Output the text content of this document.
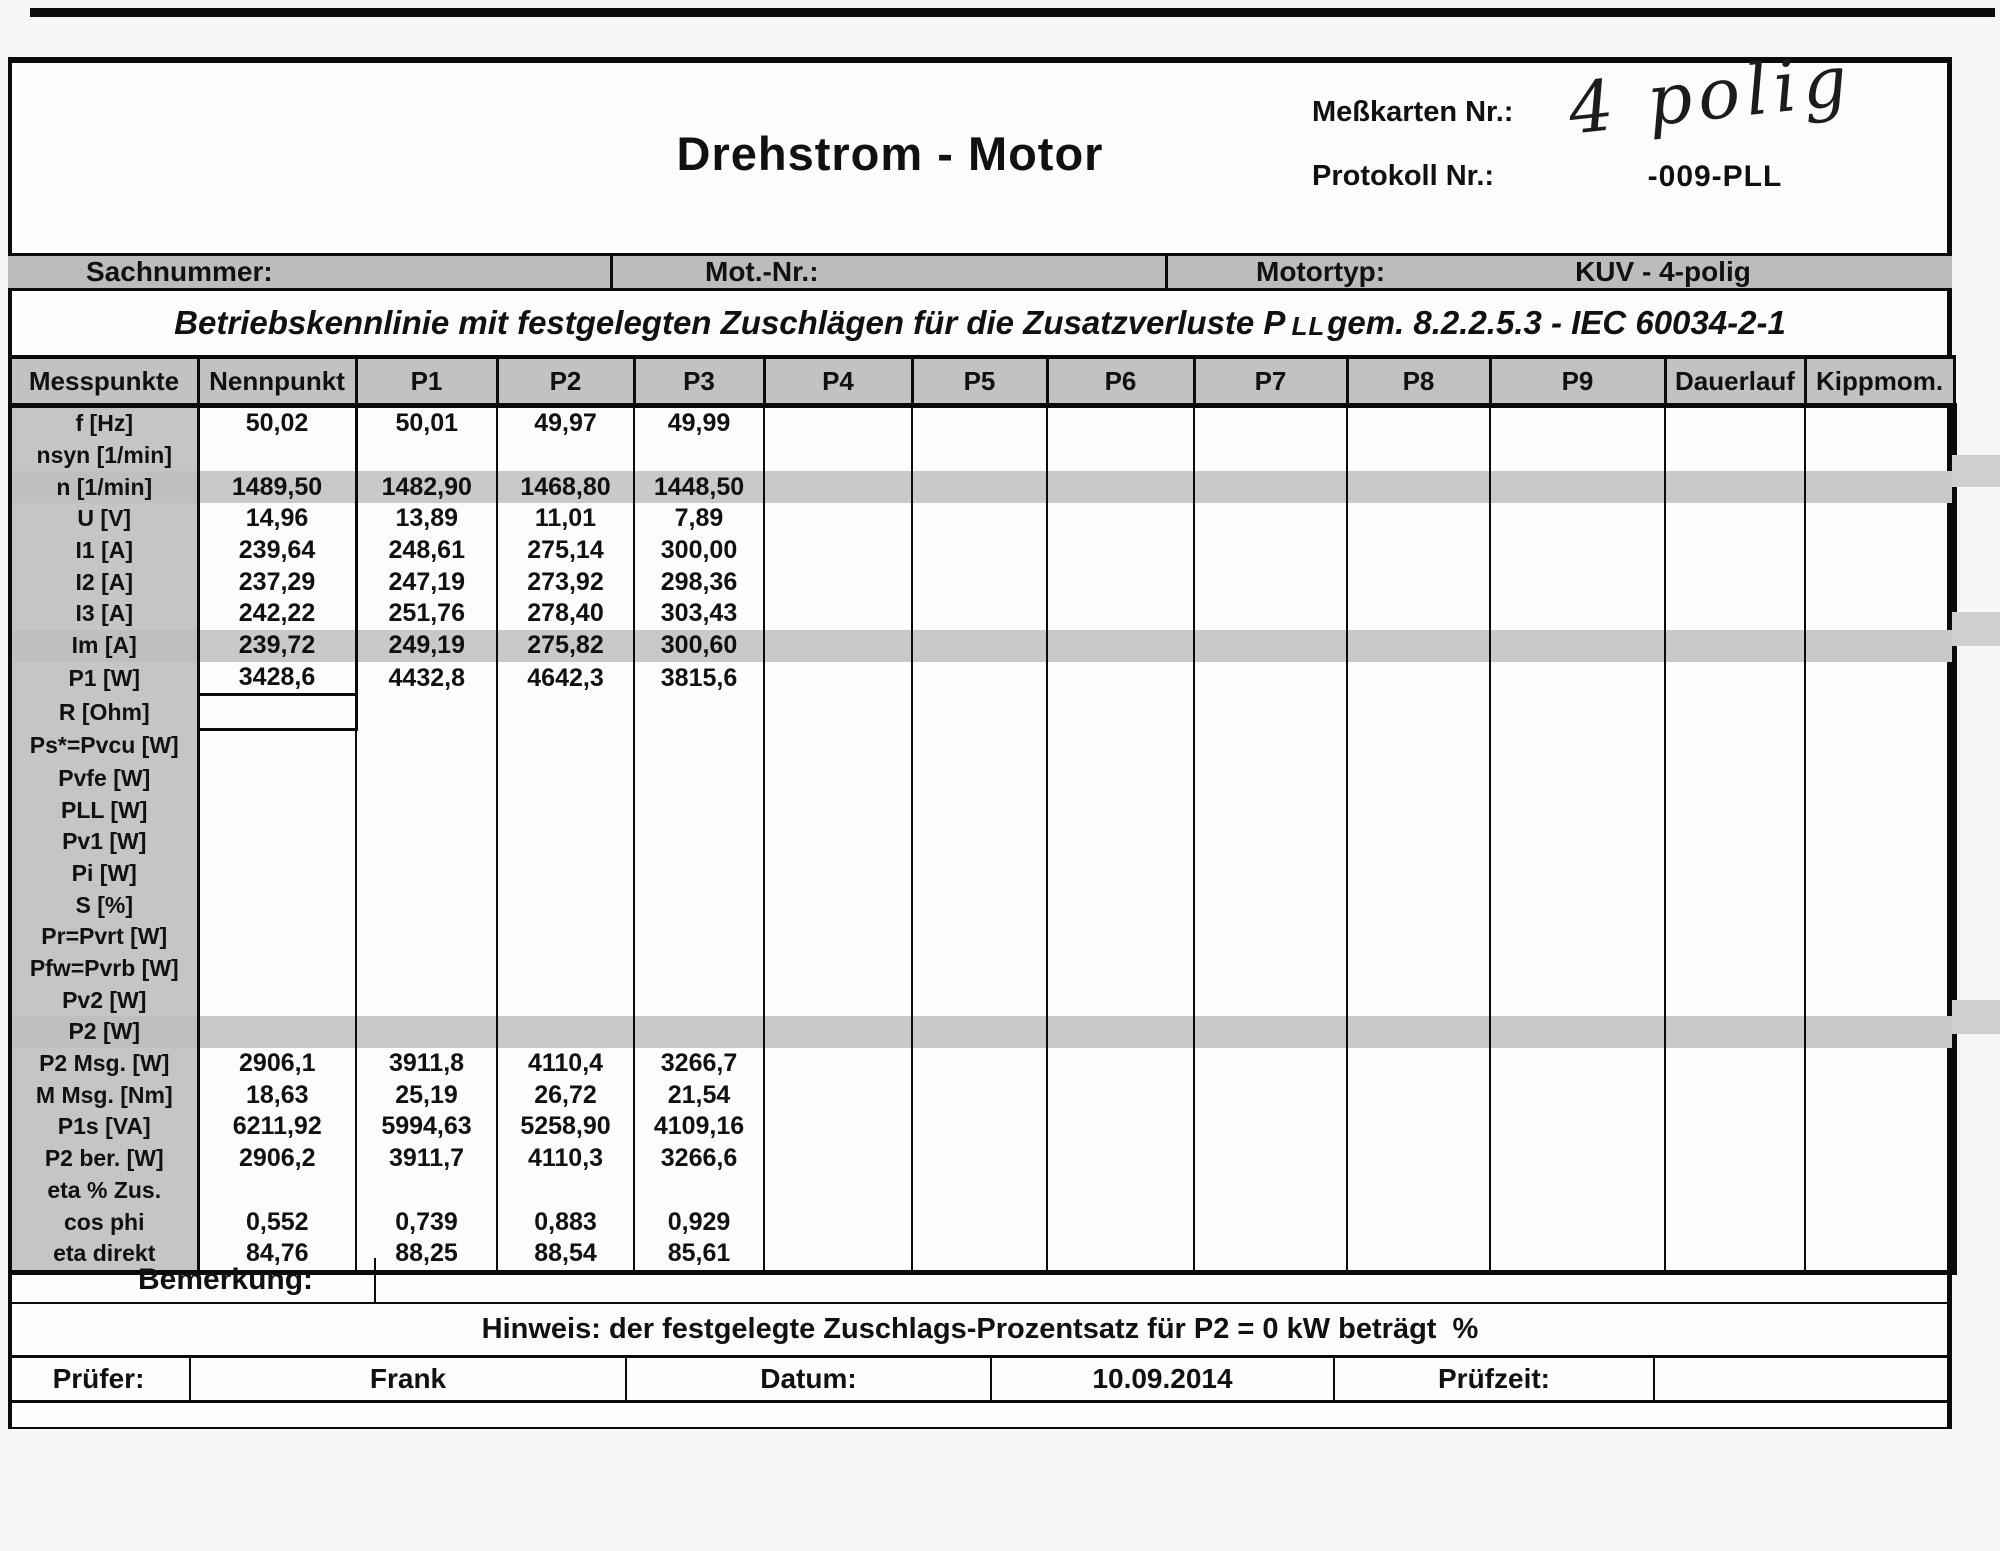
Drehstrom - Motor
Meßkarten Nr.: 4 polig
Protokoll Nr.:	-009-PLL
Sachnummer:	Mot.-Nr.:	Motortyp:	KUV - 4-polig
Betriebskennlinie mit festgelegten Zuschlägen für die Zusatzverluste P LL gem. 8.2.2.5.3 - IEC 60034-2-1
Messpunkte	Nennpunkt	P1	P2	P3	P4	P5	P6	P7	P8	P9	Dauerlauf	Kippmom.
f [Hz]	50,02	50,01	49,97	49,99								
nsyn [1/min]												
n [1/min]	1489,50	1482,90	1468,80	1448,50								
U [V]	14,96	13,89	11,01	7,89								
I1 [A]	239,64	248,61	275,14	300,00								
I2 [A]	237,29	247,19	273,92	298,36								
I3 [A]	242,22	251,76	278,40	303,43								
Im [A]	239,72	249,19	275,82	300,60								
P1 [W]	3428,6	4432,8	4642,3	3815,6								
R [Ohm]												
Ps*=Pvcu [W]												
Pvfe [W]												
PLL [W]												
Pv1 [W]												
Pi [W]												
S [%]												
Pr=Pvrt [W]												
Pfw=Pvrb [W]												
Pv2 [W]												
P2 [W]												
P2 Msg. [W]	2906,1	3911,8	4110,4	3266,7								
M Msg. [Nm]	18,63	25,19	26,72	21,54								
P1s [VA]	6211,92	5994,63	5258,90	4109,16								
P2 ber. [W]	2906,2	3911,7	4110,3	3266,6								
eta % Zus.												
cos phi	0,552	0,739	0,883	0,929								
eta direkt	84,76	88,25	88,54	85,61								
Bemerkung:
Hinweis: der festgelegte Zuschlags-Prozentsatz für P2 = 0 kW beträgt  %
Prüfer:	Frank	Datum:	10.09.2014	Prüfzeit:
